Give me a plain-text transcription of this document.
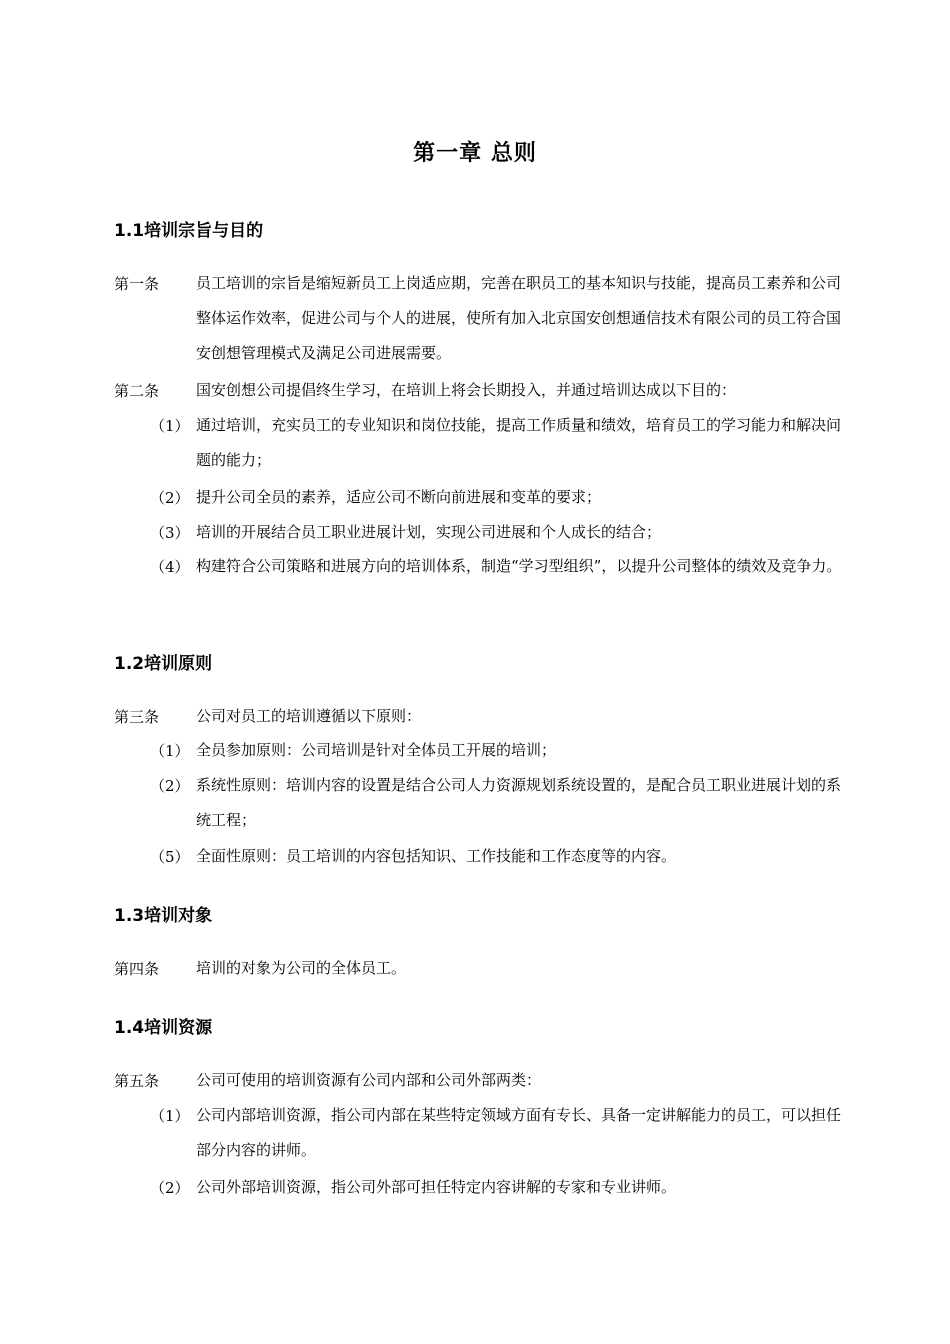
第一章 总则
1.1培训宗旨与目的
第一条 员工培训的宗旨是缩短新员工上岗适应期，完善在职员工的基本知识与技能，提高员工素养和公司整体运作效率，促进公司与个人的进展，使所有加入北京国安创想通信技术有限公司的员工符合国安创想管理模式及满足公司进展需要。
第二条 国安创想公司提倡终生学习，在培训上将会长期投入，并通过培训达成以下目的：
（1） 通过培训，充实员工的专业知识和岗位技能，提高工作质量和绩效，培育员工的学习能力和解决问题的能力；
（2） 提升公司全员的素养，适应公司不断向前进展和变革的要求；
（3） 培训的开展结合员工职业进展计划，实现公司进展和个人成长的结合；
（4） 构建符合公司策略和进展方向的培训体系，制造“学习型组织”，以提升公司整体的绩效及竞争力。
1.2培训原则
第三条 公司对员工的培训遵循以下原则：
（1） 全员参加原则：公司培训是针对全体员工开展的培训；
（2） 系统性原则：培训内容的设置是结合公司人力资源规划系统设置的，是配合员工职业进展计划的系统工程；
（5） 全面性原则：员工培训的内容包括知识、工作技能和工作态度等的内容。
1.3培训对象
第四条 培训的对象为公司的全体员工。
1.4培训资源
第五条 公司可使用的培训资源有公司内部和公司外部两类：
（1） 公司内部培训资源，指公司内部在某些特定领域方面有专长、具备一定讲解能力的员工，可以担任部分内容的讲师。
（2） 公司外部培训资源，指公司外部可担任特定内容讲解的专家和专业讲师。
